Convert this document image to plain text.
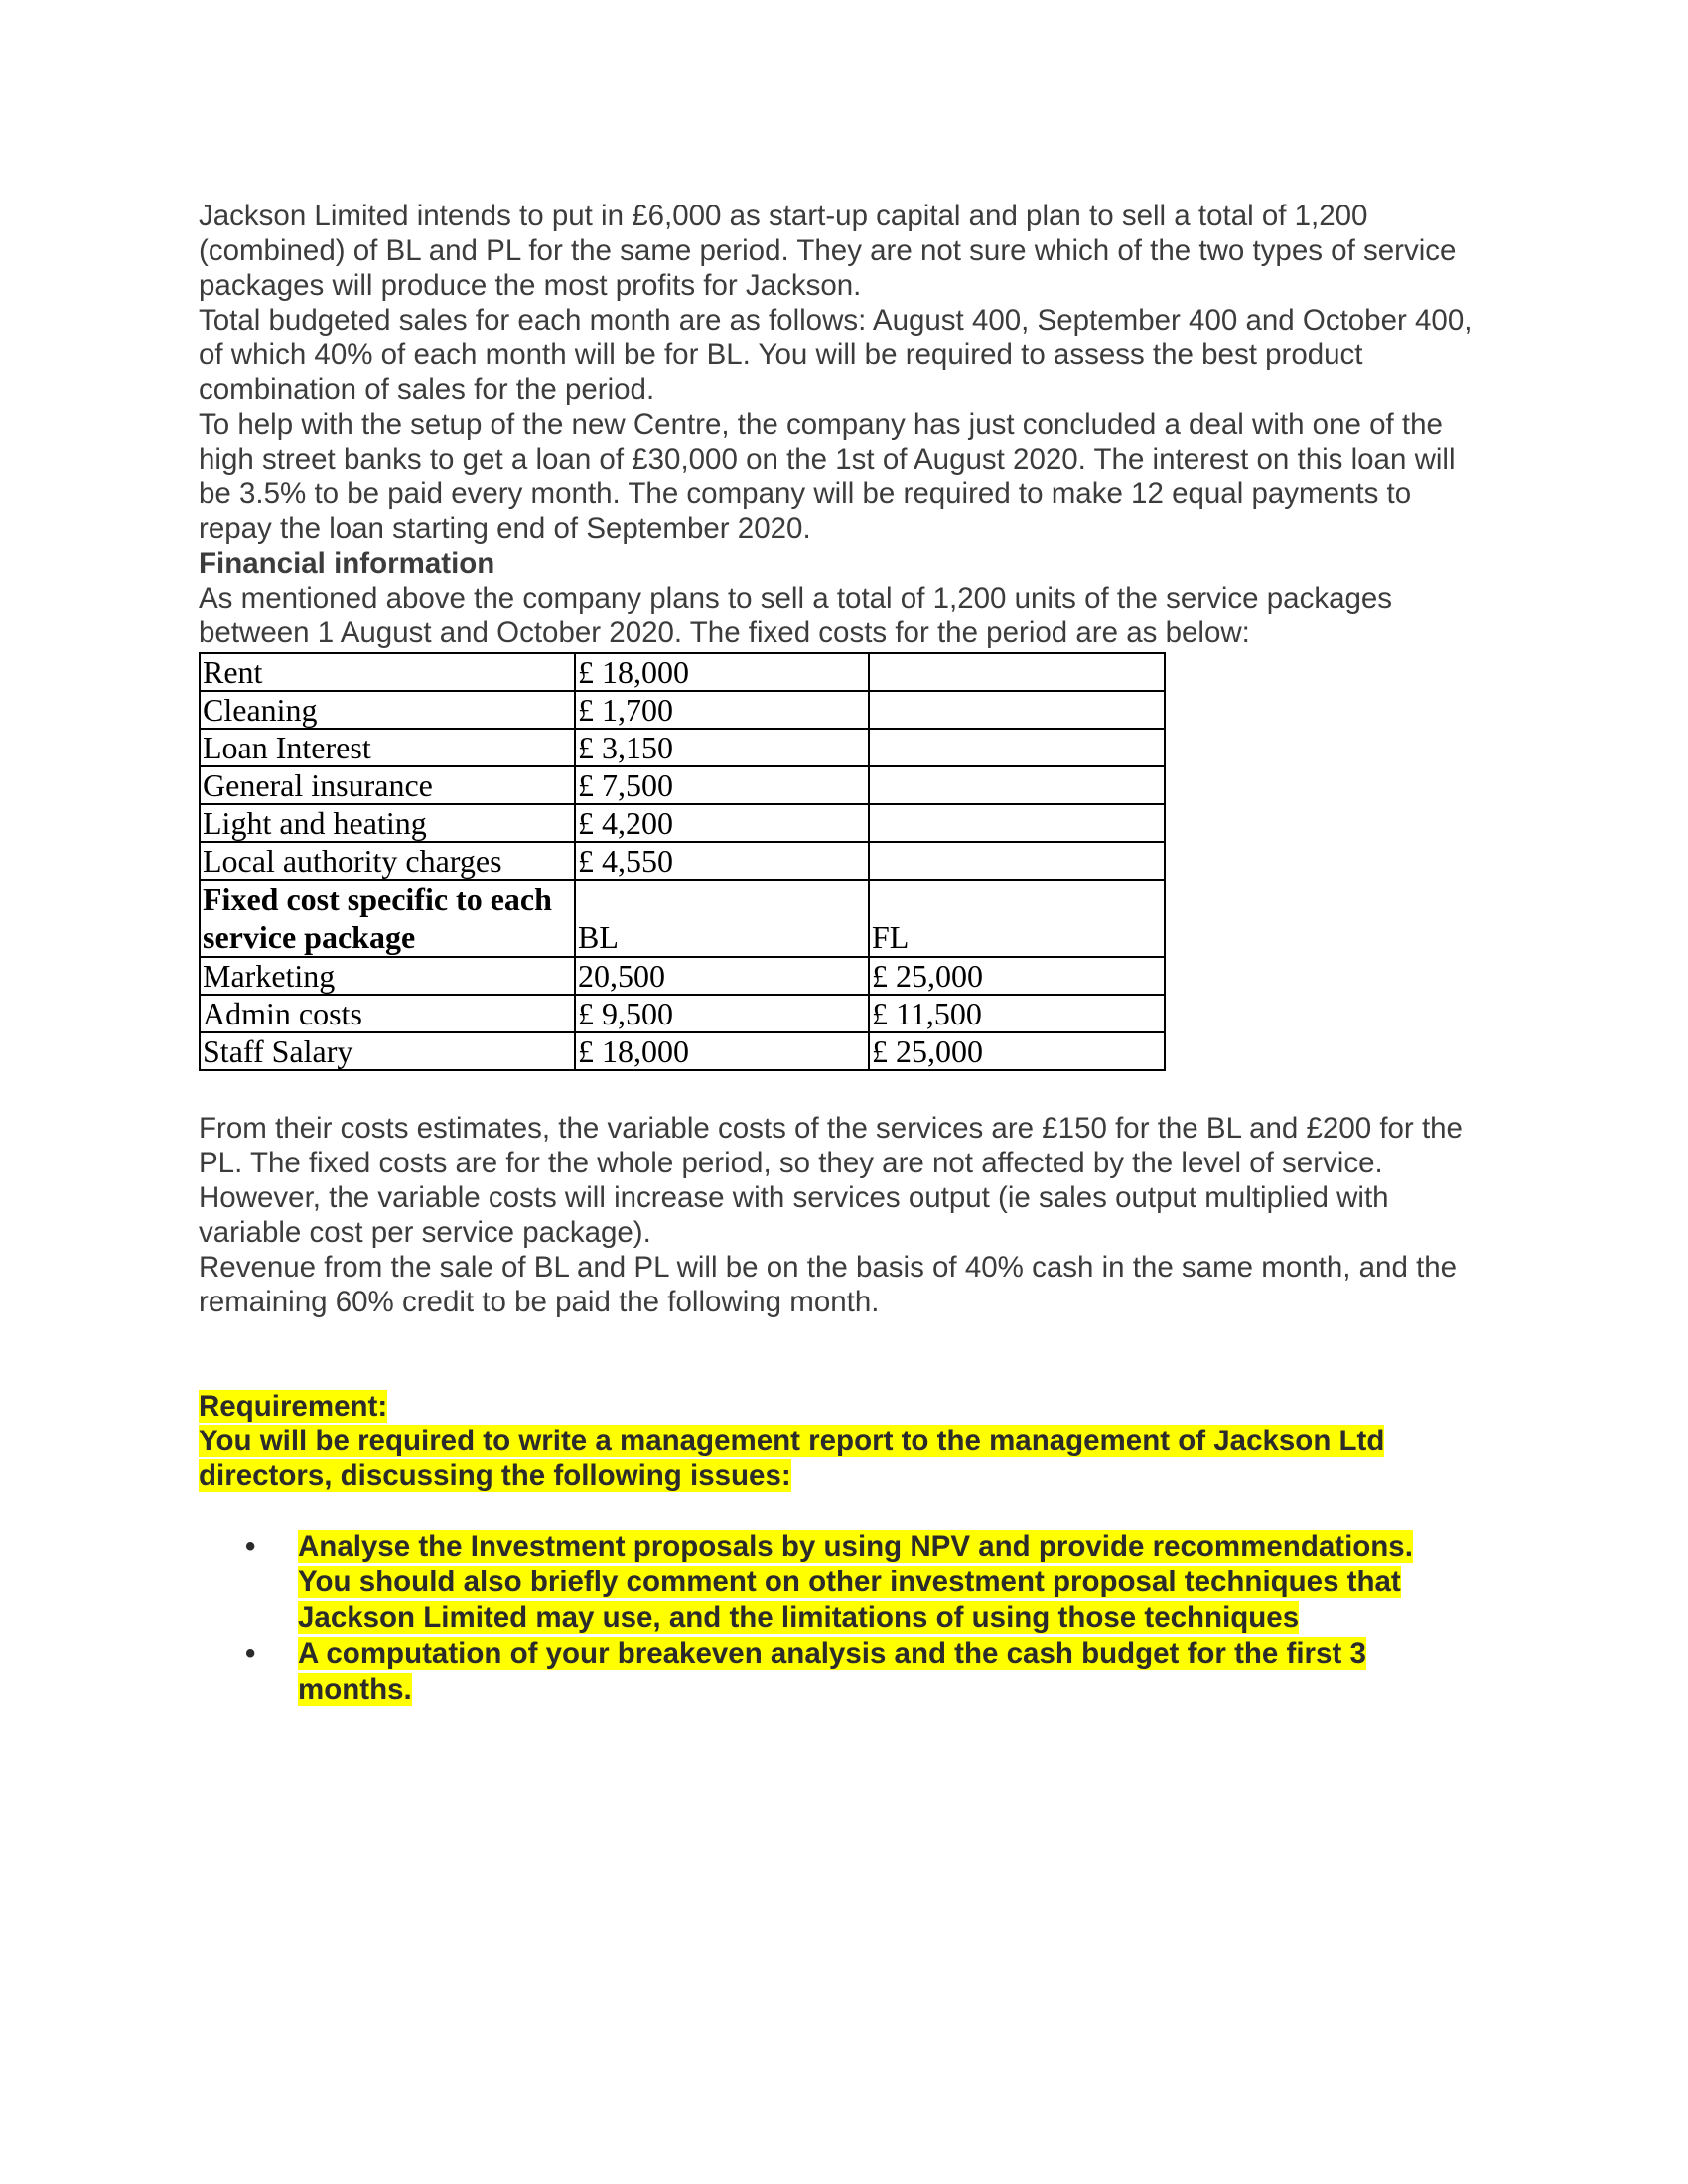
Jackson Limited intends to put in £6,000 as start-up capital and plan to sell a total of 1,200 (combined) of BL and PL for the same period. They are not sure which of the two types of service packages will produce the most profits for Jackson.

Total budgeted sales for each month are as follows: August 400, September 400 and October 400, of which 40% of each month will be for BL. You will be required to assess the best product combination of sales for the period.

To help with the setup of the new Centre, the company has just concluded a deal with one of the high street banks to get a loan of £30,000 on the 1st of August 2020. The interest on this loan will be 3.5% to be paid every month. The company will be required to make 12 equal payments to repay the loan starting end of September 2020.

Financial information

As mentioned above the company plans to sell a total of 1,200 units of the service packages between 1 August and October 2020. The fixed costs for the period are as below:

Rent	£ 18,000	
Cleaning	£ 1,700	
Loan Interest	£ 3,150	
General insurance	£ 7,500	
Light and heating	£ 4,200	
Local authority charges	£ 4,550	
Fixed cost specific to each
service package	BL	FL
Marketing	20,500	£ 25,000
Admin costs	£ 9,500	£ 11,500
Staff Salary	£ 18,000	£ 25,000

From their costs estimates, the variable costs of the services are £150 for the BL and £200 for the PL. The fixed costs are for the whole period, so they are not affected by the level of service. However, the variable costs will increase with services output (ie sales output multiplied with variable cost per service package).

Revenue from the sale of BL and PL will be on the basis of 40% cash in the same month, and the remaining 60% credit to be paid the following month.

Requirement:

You will be required to write a management report to the management of Jackson Ltd
directors, discussing the following issues:

• Analyse the Investment proposals by using NPV and provide recommendations.
You should also briefly comment on other investment proposal techniques that
Jackson Limited may use, and the limitations of using those techniques
• A computation of your breakeven analysis and the cash budget for the first 3
months.
